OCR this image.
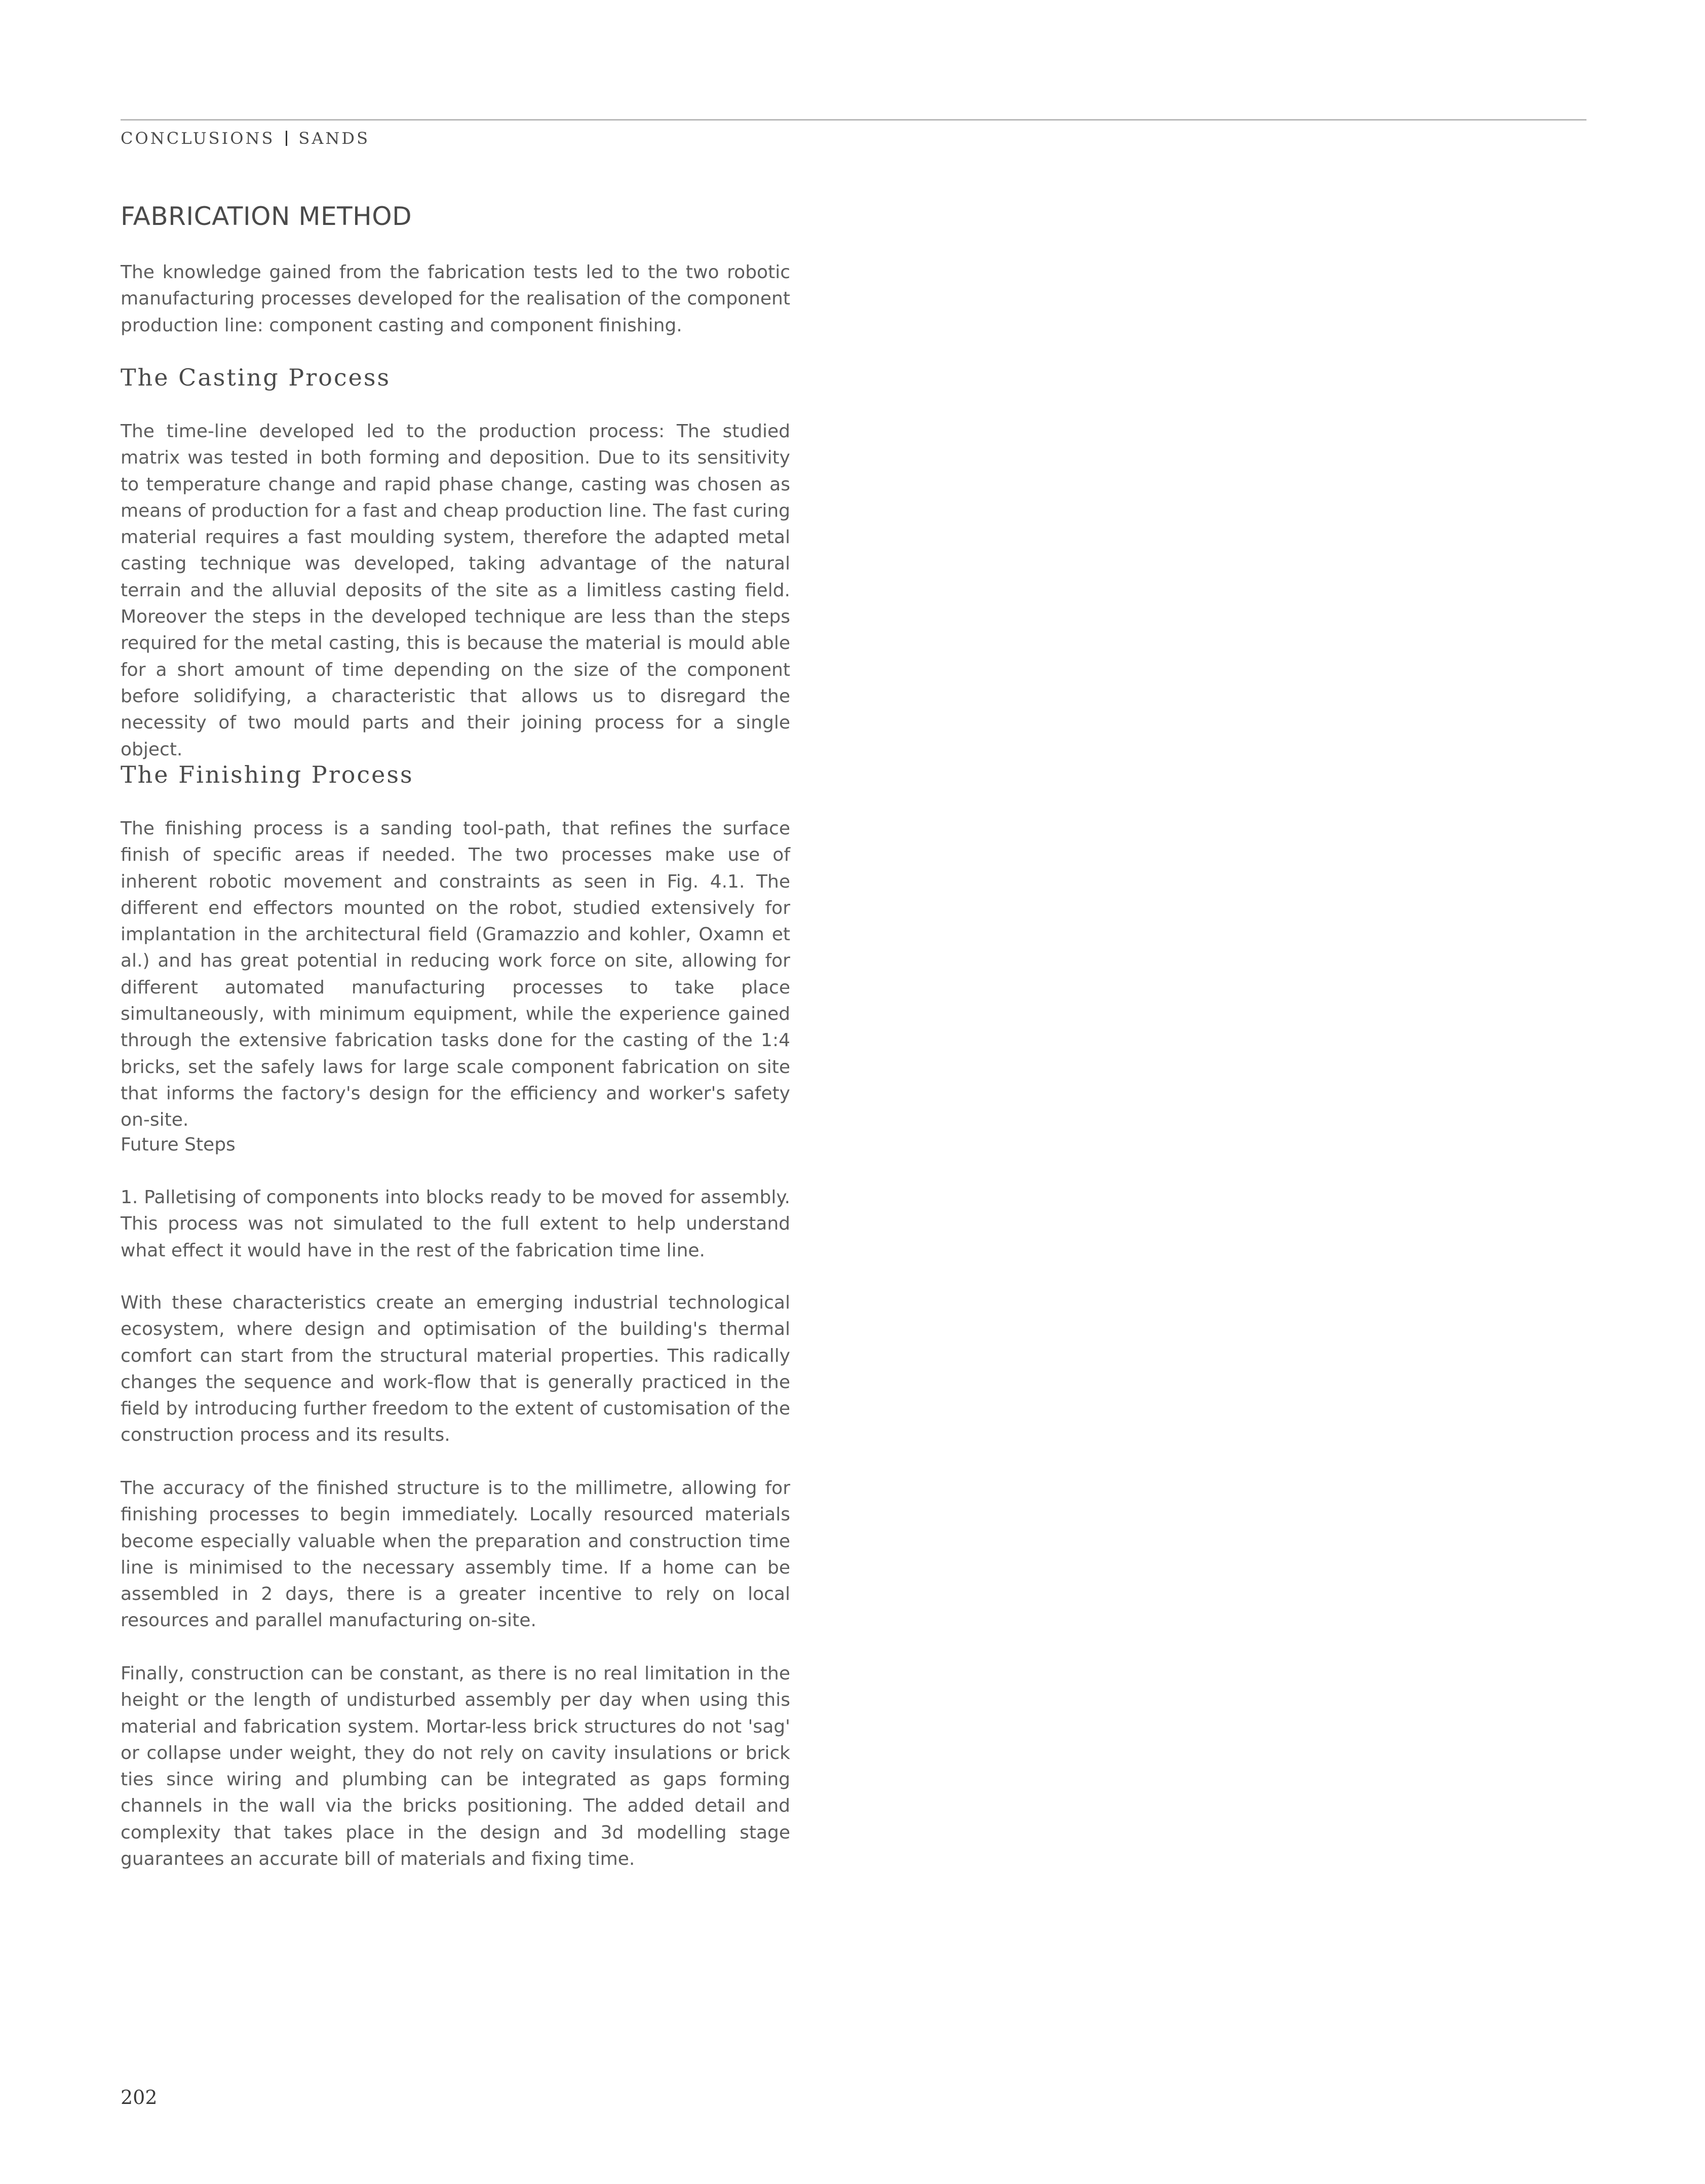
CONCLUSIONS SANDS
FABRICATION METHOD

The knowledge gained from the fabrication tests led to the two robotic manufacturing processes developed for the realisation of the component production line: component casting and component finishing.

The Casting Process

The time-line developed led to the production process: The studied matrix was tested in both forming and deposition. Due to its sensitivity to temperature change and rapid phase change, casting was chosen as means of production for a fast and cheap production line. The fast curing material requires a fast moulding system, therefore the adapted metal casting technique was developed, taking advantage of the natural terrain and the alluvial deposits of the site as a limitless casting field. Moreover the steps in the developed technique are less than the steps required for the metal casting, this is because the material is mould able for a short amount of time depending on the size of the component before solidifying, a characteristic that allows us to disregard the necessity of two mould parts and their joining process for a single object.

The Finishing Process

The finishing process is a sanding tool-path, that refines the surface finish of specific areas if needed. The two processes make use of inherent robotic movement and constraints as seen in Fig. 4.1. The different end effectors mounted on the robot, studied extensively for implantation in the architectural field (Gramazzio and kohler, Oxamn et al.) and has great potential in reducing work force on site, allowing for different automated manufacturing processes to take place simultaneously, with minimum equipment, while the experience gained through the extensive fabrication tasks done for the casting of the 1:4 bricks, set the safely laws for large scale component fabrication on site that informs the factory's design for the efficiency and worker's safety on-site.

Future Steps

1. Palletising of components into blocks ready to be moved for assembly. This process was not simulated to the full extent to help understand what effect it would have in the rest of the fabrication time line.

With these characteristics create an emerging industrial technological ecosystem, where design and optimisation of the building's thermal comfort can start from the structural material properties. This radically changes the sequence and work-flow that is generally practiced in the field by introducing further freedom to the extent of customisation of the construction process and its results.

The accuracy of the finished structure is to the millimetre, allowing for finishing processes to begin immediately. Locally resourced materials become especially valuable when the preparation and construction time line is minimised to the necessary assembly time. If a home can be assembled in 2 days, there is a greater incentive to rely on local resources and parallel manufacturing on-site.

Finally, construction can be constant, as there is no real limitation in the height or the length of undisturbed assembly per day when using this material and fabrication system. Mortar-less brick structures do not 'sag' or collapse under weight, they do not rely on cavity insulations or brick ties since wiring and plumbing can be integrated as gaps forming channels in the wall via the bricks positioning. The added detail and complexity that takes place in the design and 3d modelling stage guarantees an accurate bill of materials and fixing time.

202
